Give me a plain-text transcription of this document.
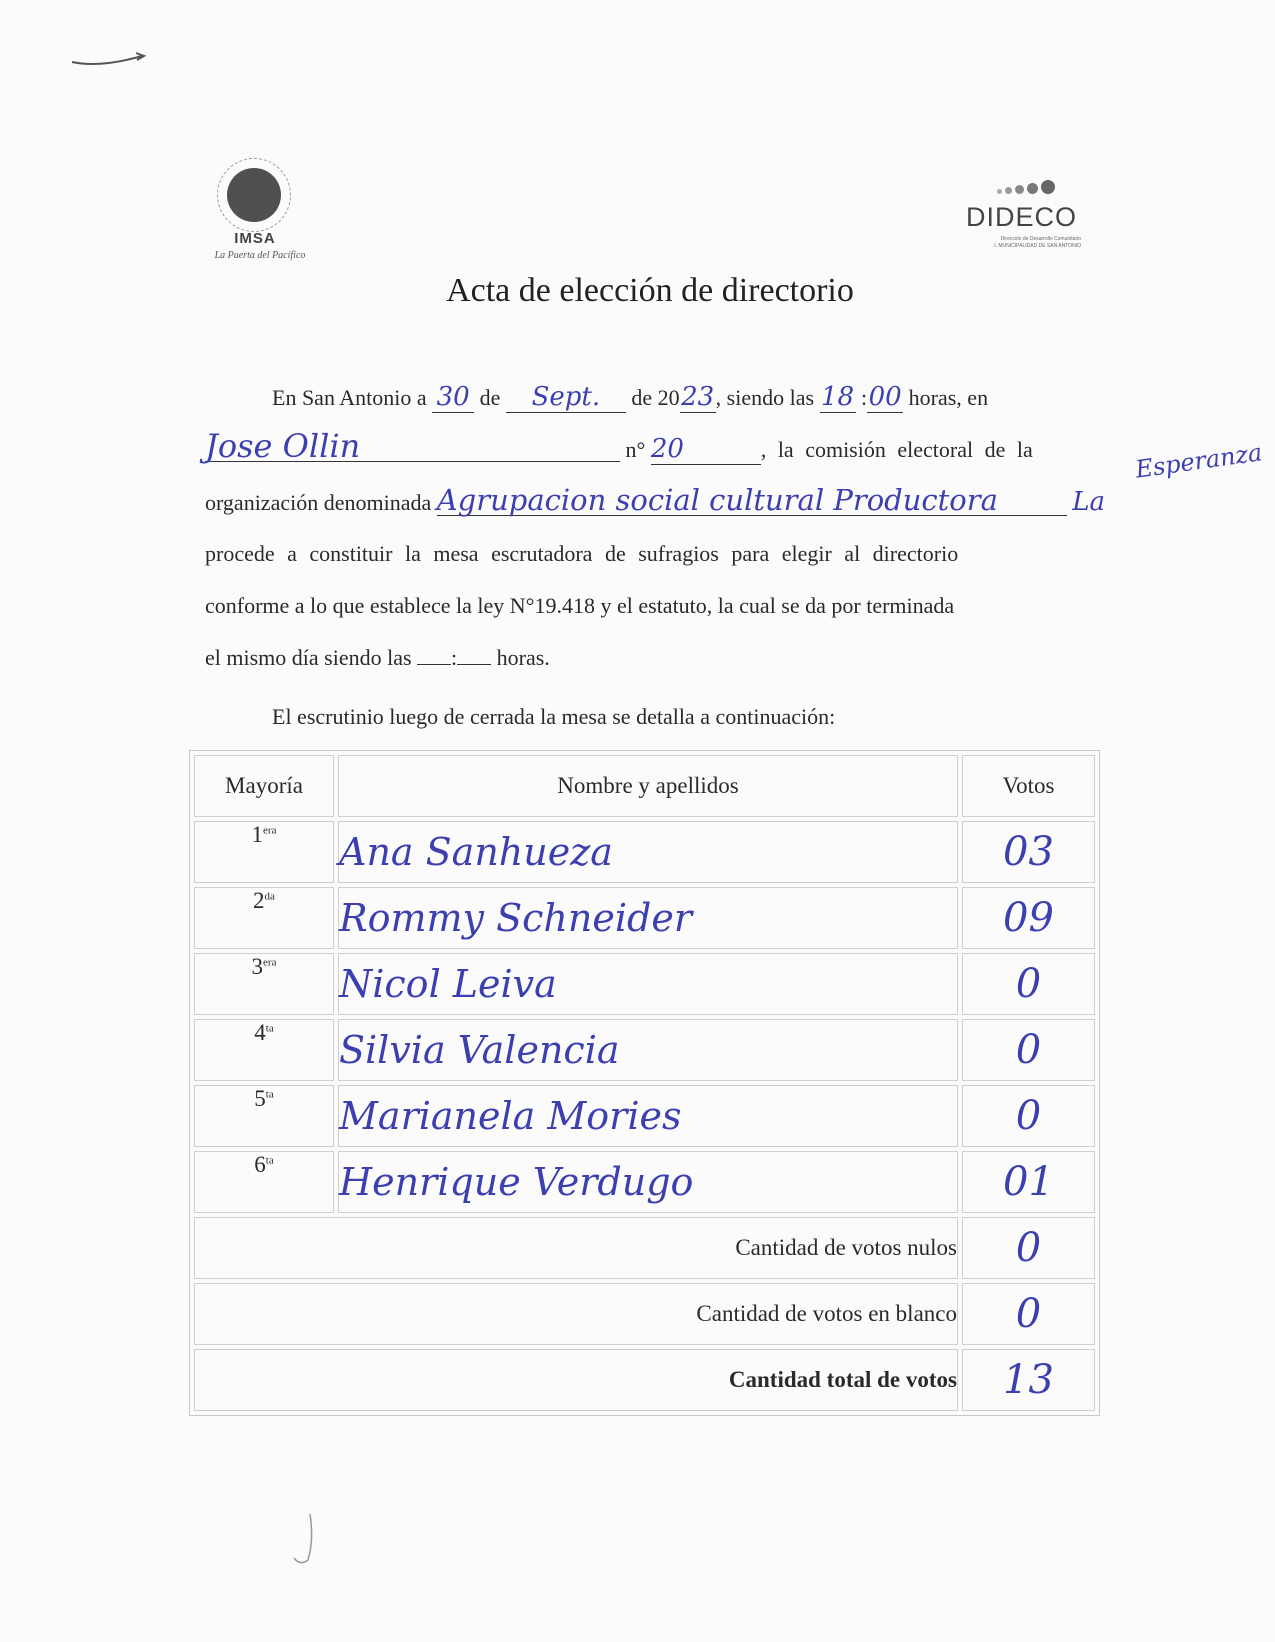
IMSA
La Puerta del Pacífico
DIDECO
Dirección de Desarrollo Comunitario
I. MUNICIPALIDAD DE SAN ANTONIO
Acta de elección de directorio
En San Antonio a 30 de Sept. de 2023, siendo las 18 :00 horas, en
Jose Ollin	n° 20	, la comisión electoral de la
organización denominada Agrupacion social cultural Productora	La
procede a constituir la mesa escrutadora de sufragios para elegir al directorio
conforme a lo que establece la ley N°19.418 y el estatuto, la cual se da por terminada
el mismo día siendo las : horas.
Esperanza
El escrutinio luego de cerrada la mesa se detalla a continuación:
Mayoría	Nombre y apellidos	Votos
$1^{era}$	Ana Sanhueza	03
$2^{da}$	Rommy Schneider	09
$3^{era}$	Nicol Leiva	0
$4^{ta}$	Silvia Valencia	0
$5^{ta}$	Marianela Mories	0
$6^{ta}$	Henrique Verdugo	01
Cantidad de votos nulos		0
Cantidad de votos en blanco		0
Cantidad total de votos		13
